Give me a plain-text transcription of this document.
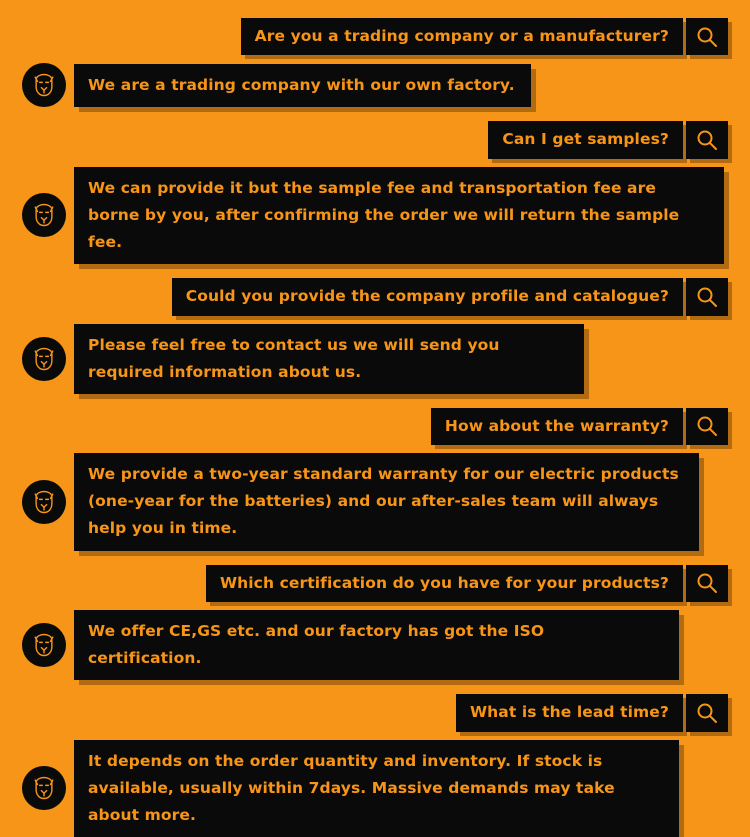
Are you a trading company or a manufacturer?
We are a trading company with our own factory.
Can I get samples?
We can provide it but the sample fee and transportation fee are borne by you, after confirming the order we will return the sample fee.
Could you provide the company profile and catalogue?
Please feel free to contact us we will send you required information about us.
How about the warranty?
We provide a two-year standard warranty for our electric products (one-year for the batteries) and our after-sales team will always help you in time.
Which certification do you have for your products?
We offer CE,GS etc. and our factory has got the ISO certification.
What is the lead time?
It depends on the order quantity and inventory. If stock is available, usually within 7days. Massive demands may take about more.
